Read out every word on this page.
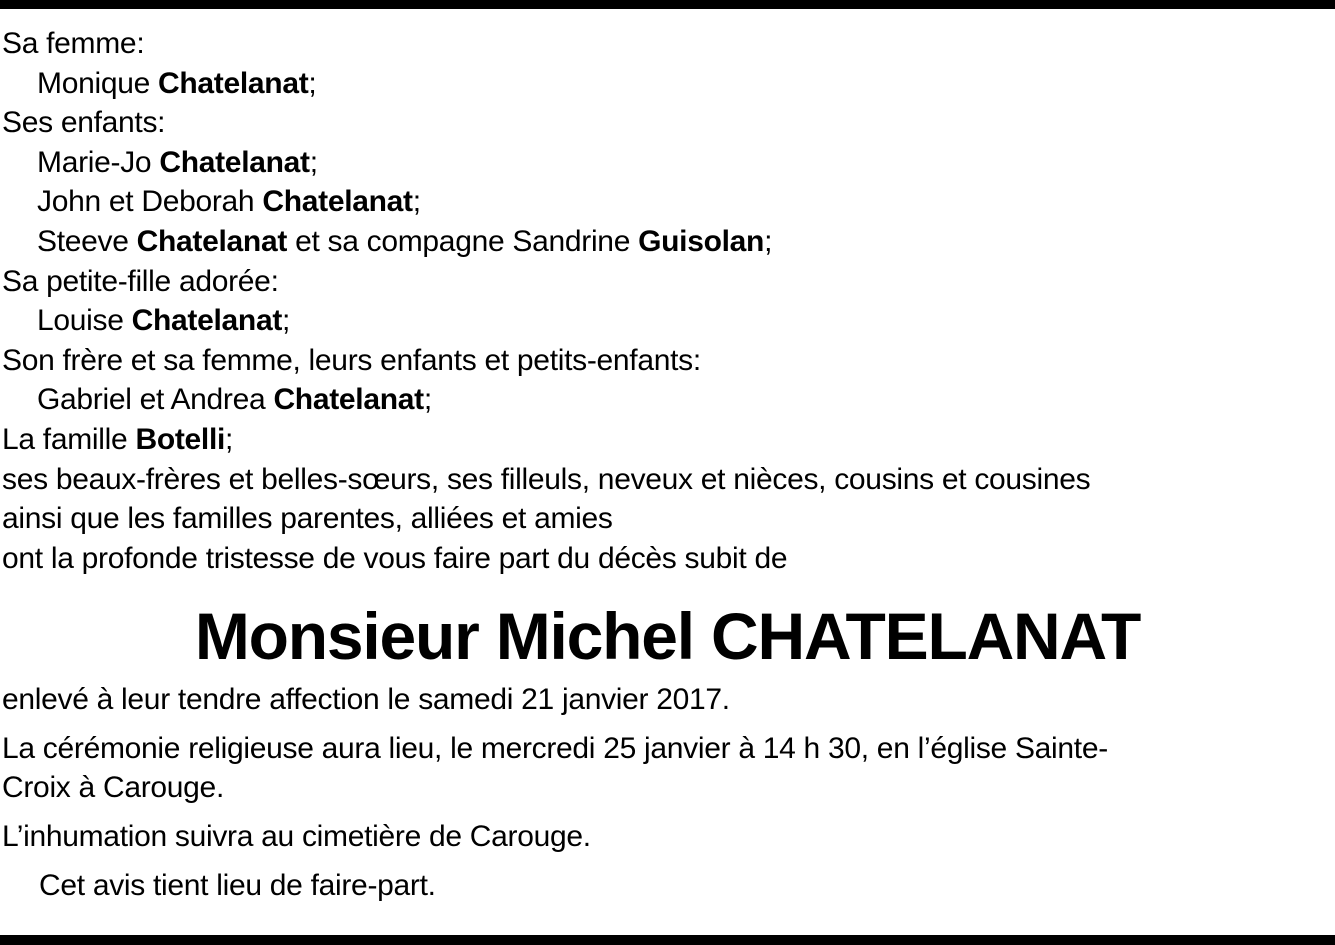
Sa femme:
Monique Chatelanat;
Ses enfants:
Marie-Jo Chatelanat;
John et Deborah Chatelanat;
Steeve Chatelanat et sa compagne Sandrine Guisolan;
Sa petite-fille adorée:
Louise Chatelanat;
Son frère et sa femme, leurs enfants et petits-enfants:
Gabriel et Andrea Chatelanat;
La famille Botelli;
ses beaux-frères et belles-sœurs, ses filleuls, neveux et nièces, cousins et cousines
ainsi que les familles parentes, alliées et amies
ont la profonde tristesse de vous faire part du décès subit de
Monsieur Michel CHATELANAT
enlevé à leur tendre affection le samedi 21 janvier 2017.
La cérémonie religieuse aura lieu, le mercredi 25 janvier à 14 h 30, en l’église Sainte-
Croix à Carouge.
L’inhumation suivra au cimetière de Carouge.
Cet avis tient lieu de faire-part.
